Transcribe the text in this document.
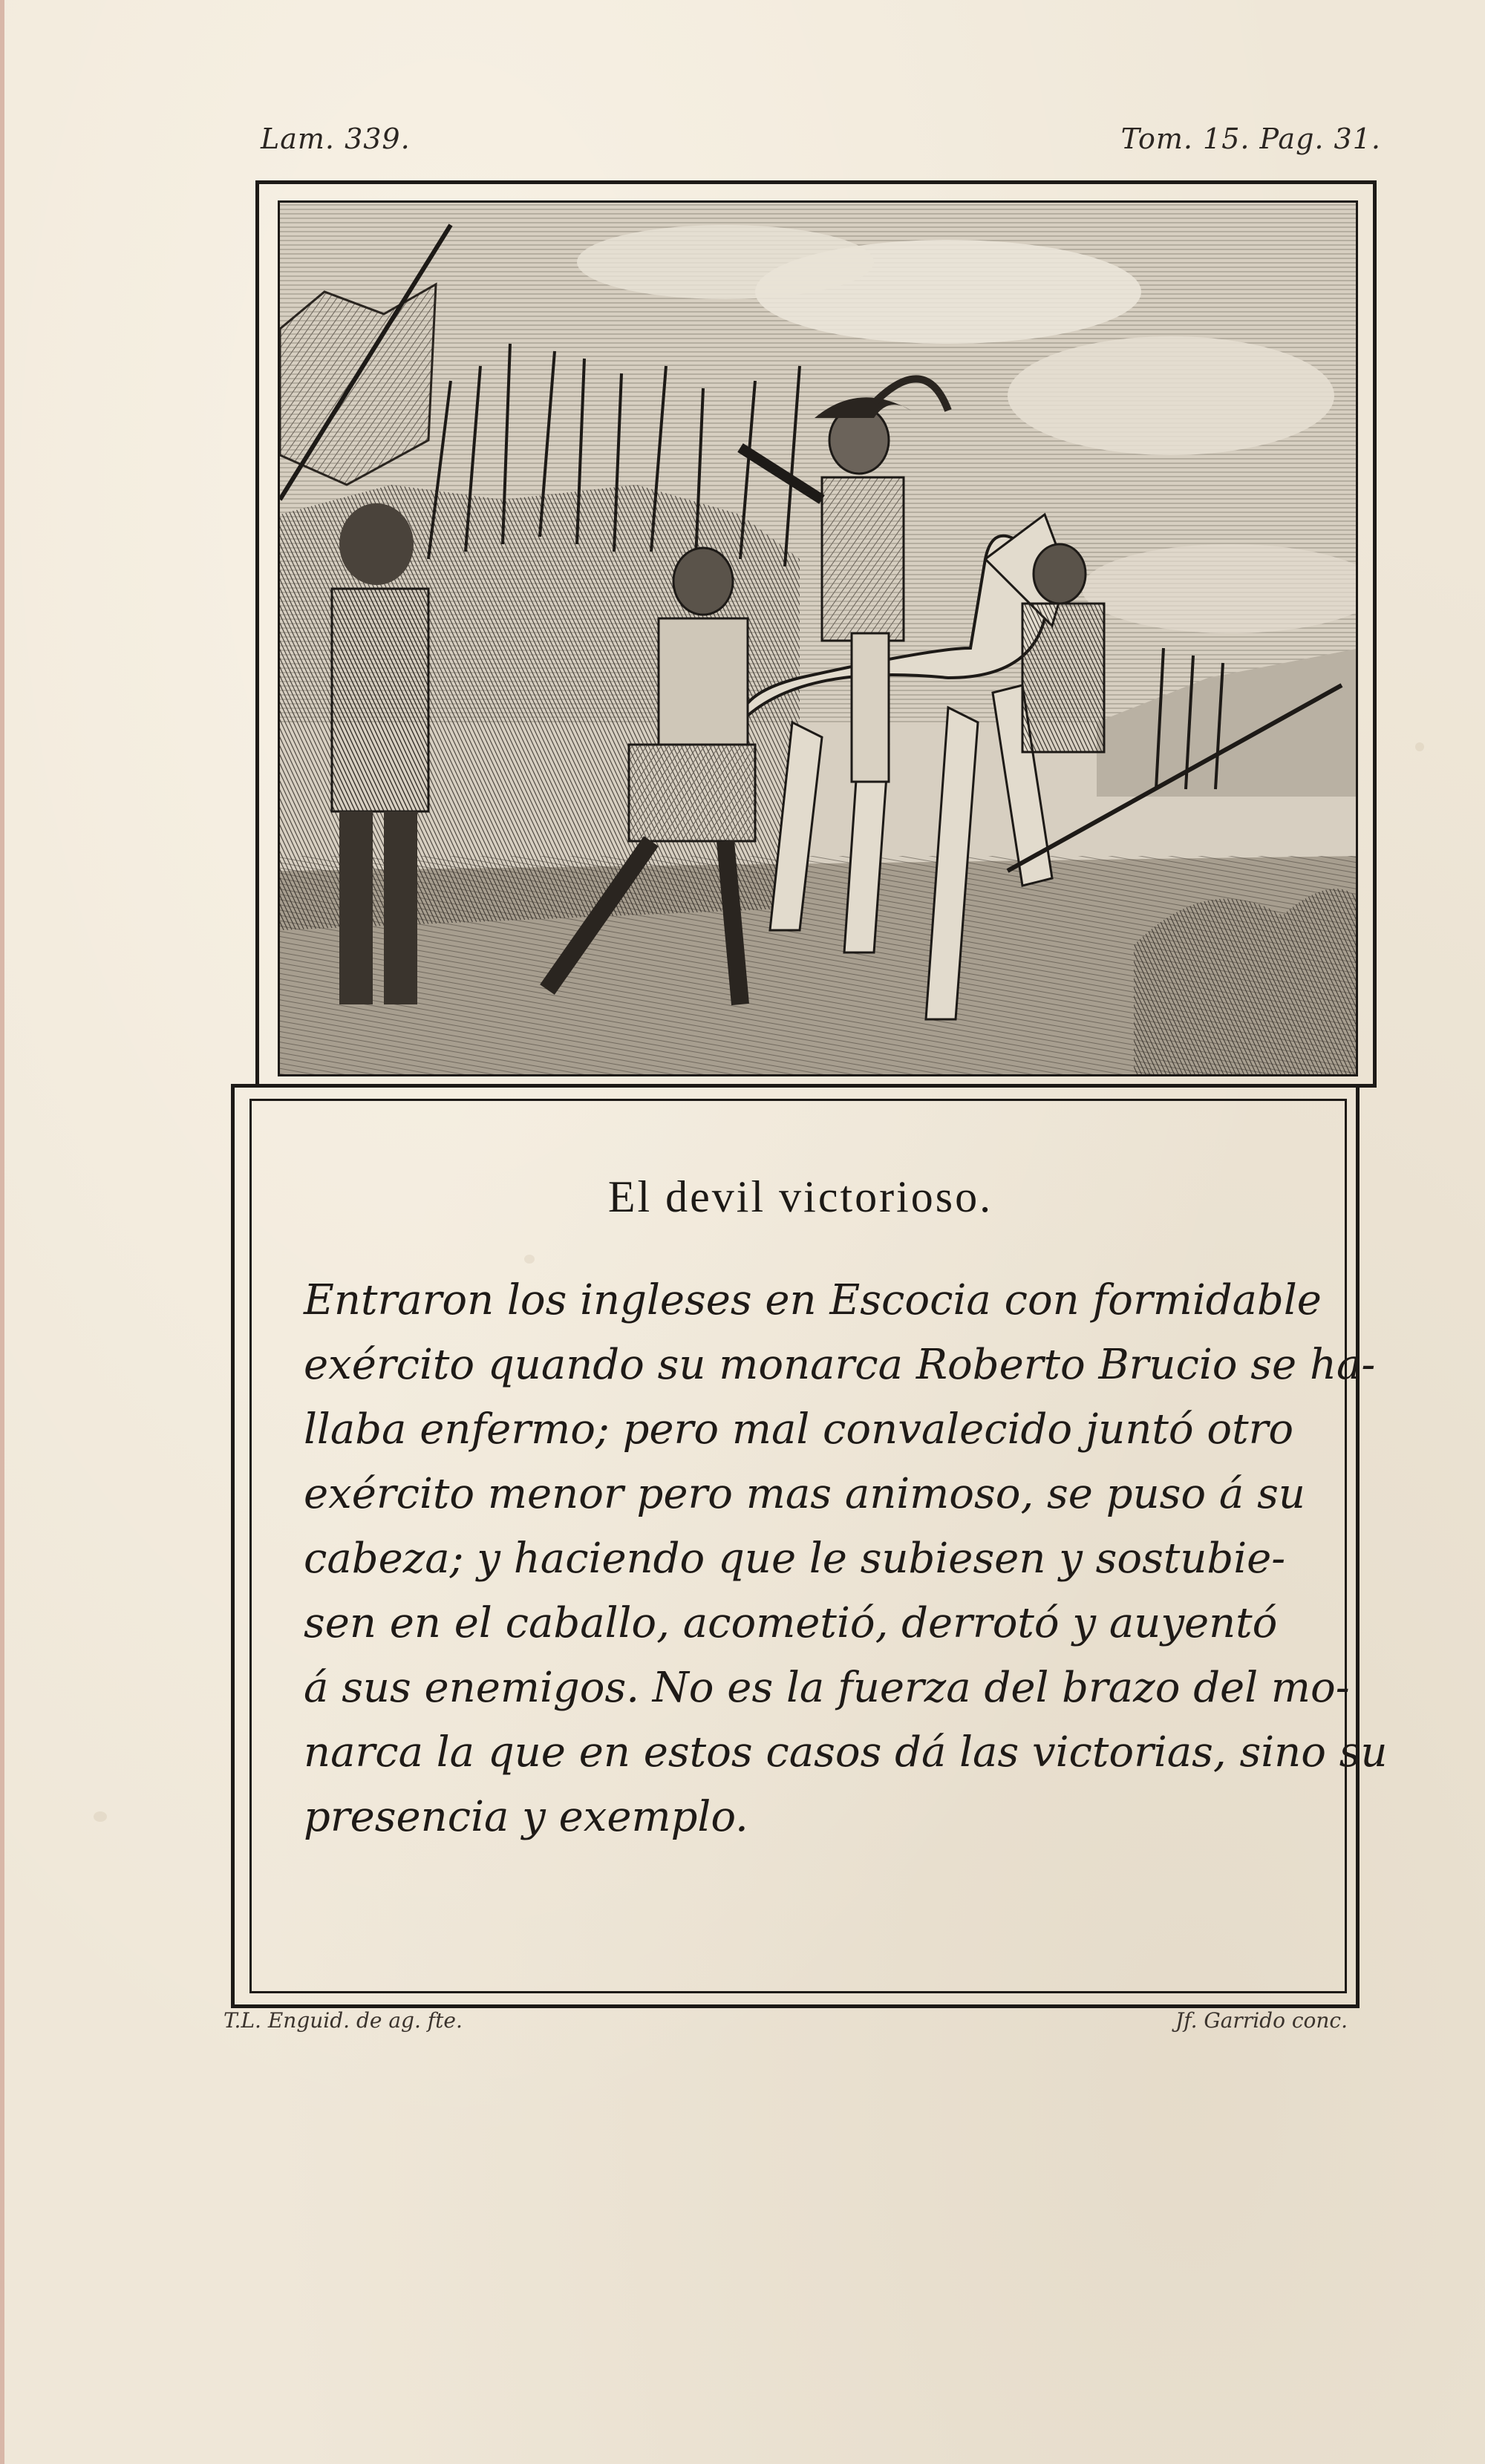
Lam. 339.	Tom. 15. Pag. 31.
El devil victorioso.
Entraron los ingleses en Escocia con formidable
exército quando su monarca Roberto Brucio se ha-
llaba enfermo; pero mal convalecido juntó otro
exército menor pero mas animoso, se puso á su
cabeza; y haciendo que le subiesen y sostubie-
sen en el caballo, acometió, derrotó y auyentó
á sus enemigos. No es la fuerza del brazo del mo-
narca la que en estos casos dá las victorias, sino su
presencia y exemplo.
T.L. Enguid. de ag. fte.	Jf. Garrido conc.
